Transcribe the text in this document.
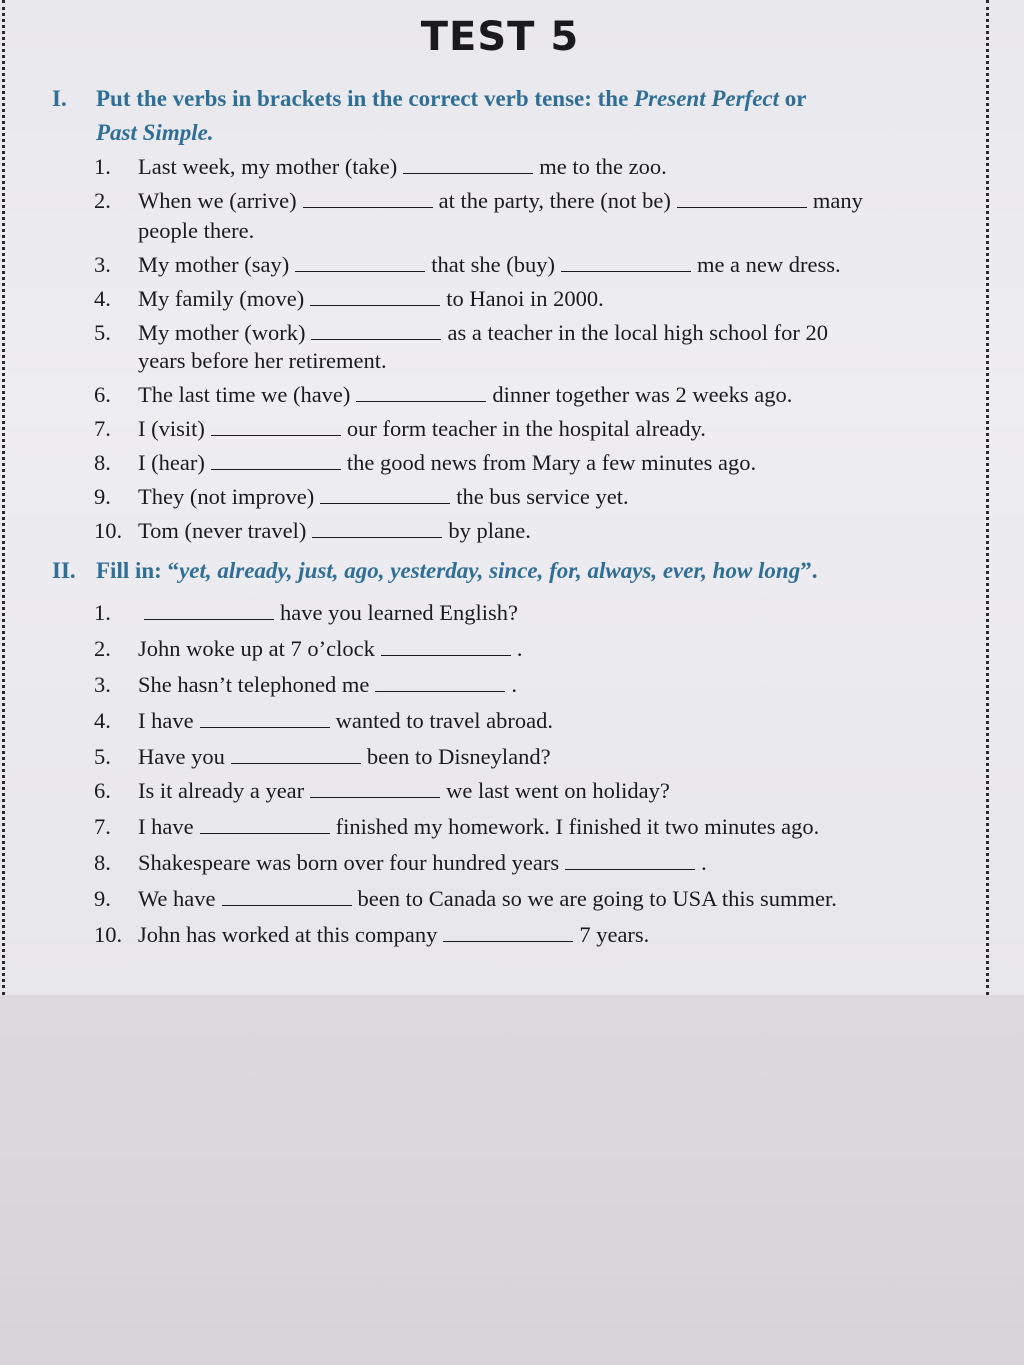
TEST 5
I. Put the verbs in brackets in the correct verb tense: the Present Perfect or
Past Simple.
1. Last week, my mother (take)	me to the zoo.
2. When we (arrive)	at the party, there (not be)	many
people there.
3. My mother (say)	that she (buy)	me a new dress.
4. My family (move)	to Hanoi in 2000.
5. My mother (work)	as a teacher in the local high school for 20
years before her retirement.
6. The last time we (have)	dinner together was 2 weeks ago.
7. I (visit)	our form teacher in the hospital already.
8. I (hear)	the good news from Mary a few minutes ago.
9. They (not improve)	the bus service yet.
10. Tom (never travel)	by plane.
II. Fill in: “yet, already, just, ago, yesterday, since, for, always, ever, how long”.
1.	have you learned English?
2. John woke up at 7 o’clock	.
3. She hasn’t telephoned me	.
4. I have	wanted to travel abroad.
5. Have you	been to Disneyland?
6. Is it already a year	we last went on holiday?
7. I have	finished my homework. I finished it two minutes ago.
8. Shakespeare was born over four hundred years	.
9. We have	been to Canada so we are going to USA this summer.
10. John has worked at this company	7 years.
